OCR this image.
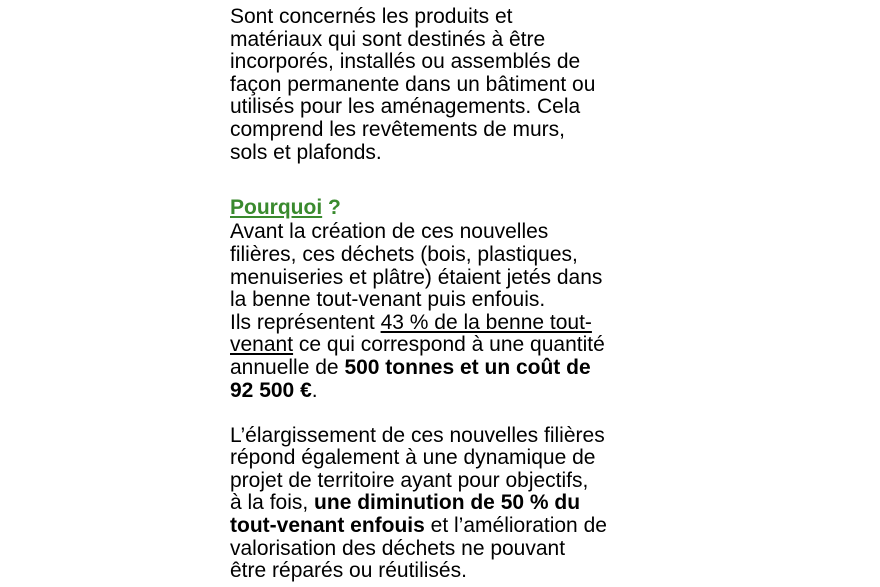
Sont concernés les produits et
matériaux qui sont destinés à être
incorporés, installés ou assemblés de
façon permanente dans un bâtiment ou
utilisés pour les aménagements. Cela
comprend les revêtements de murs,
sols et plafonds.
Pourquoi ?
Avant la création de ces nouvelles
filières, ces déchets (bois, plastiques,
menuiseries et plâtre) étaient jetés dans
la benne tout-venant puis enfouis.
Ils représentent 43 % de la benne tout-
venant ce qui correspond à une quantité
annuelle de 500 tonnes et un coût de
92 500 €.
L’élargissement de ces nouvelles filières
répond également à une dynamique de
projet de territoire ayant pour objectifs,
à la fois, une diminution de 50 % du
tout-venant enfouis et l’amélioration de
valorisation des déchets ne pouvant
être réparés ou réutilisés.
